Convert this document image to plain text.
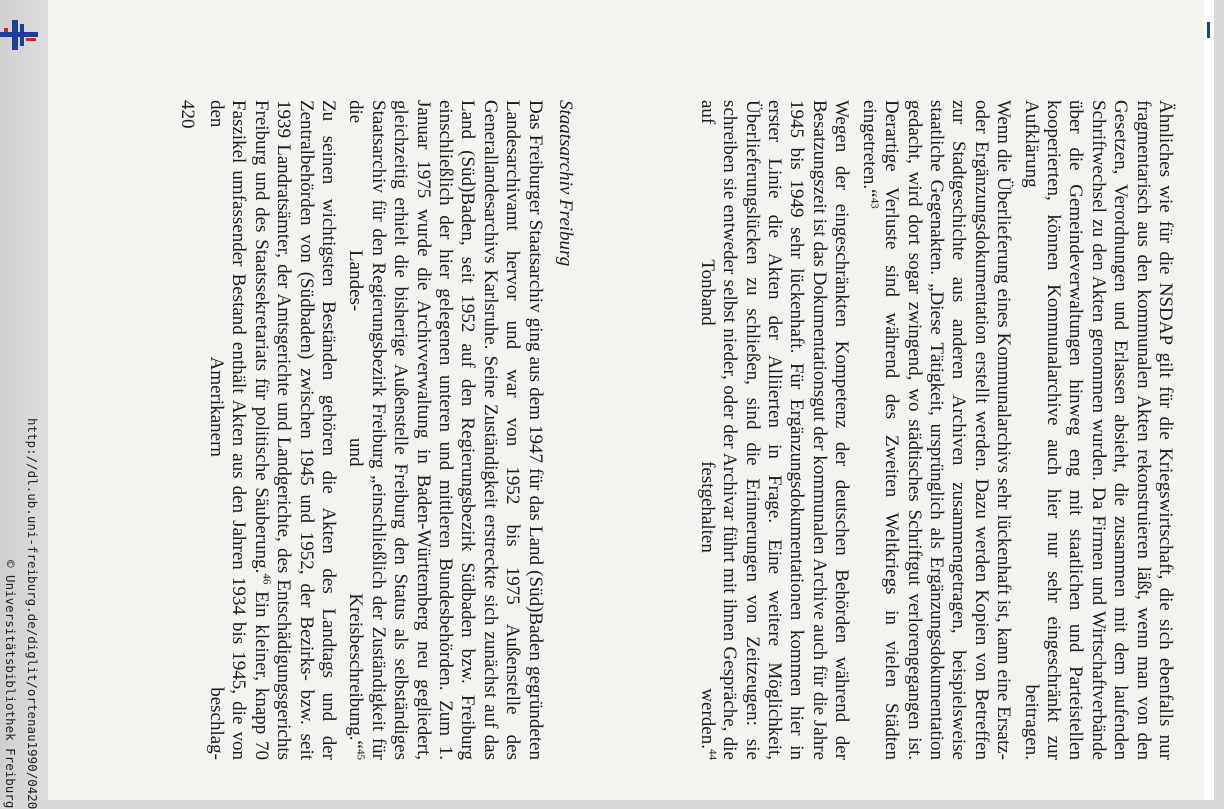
http://dl.ub.uni-freiburg.de/diglit/ortenau1990/0420
© Universitätsbibliothek Freiburg	Ähnliches wie für die NSDAP gilt für die Kriegswirtschaft, die sich ebenfalls nur fragmentarisch aus den kommunalen Akten rekonstruieren läßt, wenn man von den Gesetzen, Verordnungen und Erlassen absieht, die zusammen mit dem laufenden Schriftwechsel zu den Akten genommen wurden. Da Firmen und Wirtschaftverbände über die Gemeindeverwaltungen hinweg eng mit staatlichen und Parteistellen kooperierten, können Kommunalarchive auch hier nur sehr eingeschränkt zur Aufklärung beitragen.

Wenn die Überlieferung eines Kommunalarchivs sehr lückenhaft ist, kann eine Ersatz- oder Ergänzungsdokumentation erstellt werden. Dazu werden Kopien von Betreffen zur Stadtgeschichte aus anderen Archiven zusammengetragen, beispielsweise staatliche Gegenakten. „Diese Tätigkeit, ursprünglich als Ergänzungsdokumentation gedacht, wird dort sogar zwingend, wo städtisches Schriftgut verlorengegangen ist. Derartige Verluste sind während des Zweiten Weltkriegs in vielen Städten eingetreten.“$^{43}$

Wegen der eingeschränkten Kompetenz der deutschen Behörden während der Besatzungszeit ist das Dokumentationsgut der kommunalen Archive auch für die Jahre 1945 bis 1949 sehr lückenhaft. Für Ergänzungsdokumentationen kommen hier in erster Linie die Akten der Alliierten in Frage. Eine weitere Möglichkeit, Überlieferungslücken zu schließen, sind die Erinnerungen von Zeitzeugen: sie schreiben sie entweder selbst nieder, oder der Archivar führt mit ihnen Gespräche, die auf Tonband festgehalten werden.$^{44}$

Staatsarchiv Freiburg

Das Freiburger Staatsarchiv ging aus dem 1947 für das Land (Süd)Baden gegründeten Landesarchivamt hervor und war von 1952 bis 1975 Außenstelle des Generallandesarchivs Karlsruhe. Seine Zuständigkeit erstreckte sich zunächst auf das Land (Süd)Baden, seit 1952 auf den Regierungsbezirk Südbaden bzw. Freiburg einschließlich der hier gelegenen unteren und mittleren Bundesbehörden. Zum 1. Januar 1975 wurde die Archivverwaltung in Baden-Württemberg neu gegliedert, gleichzeitig erhielt die bisherige Außenstelle Freiburg den Status als selbständiges Staatsarchiv für den Regierungsbezirk Freiburg „einschließlich der Zuständigkeit für die Landes- und Kreisbeschreibung.“$^{45}$

Zu seinen wichtigsten Beständen gehören die Akten des Landtags und der Zentralbehörden von (Südbaden) zwischen 1945 und 1952, der Bezirks- bzw. seit 1939 Landratsämter, der Amtsgerichte und Landgerichte, des Entschädigungsgerichts Freiburg und des Staatssekretariats für politische Säuberung.$^{46}$ Ein kleiner, knapp 70 Faszikel umfassender Bestand enthält Akten aus den Jahren 1934 bis 1945, die von den Amerikanern beschlag-

420
